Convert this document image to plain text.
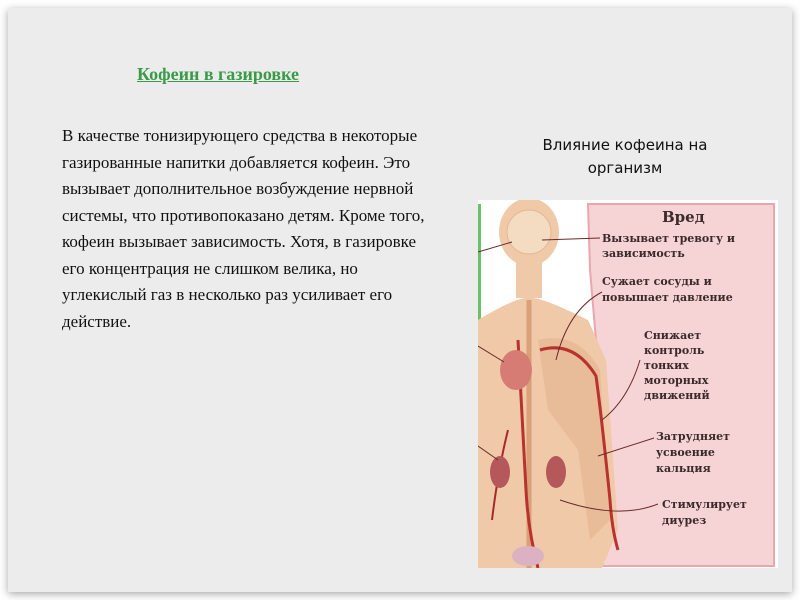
Кофеин в газировке
В качестве тонизирующего средства в некоторые газированные напитки добавляется кофеин. Это вызывает дополнительное возбуждение нервной системы, что противопоказано детям. Кроме того, кофеин вызывает зависимость. Хотя, в газировке его концентрация не слишком велика, но углекислый газ в несколько раз усиливает его действие.
Влияние кофеина на организм
Вред
Вызывает тревогу и
зависимость
Сужает сосуды и
повышает давление
Снижает
контроль
тонких
моторных
движений
Затрудняет
усвоение
кальция
Стимулирует
диурез
